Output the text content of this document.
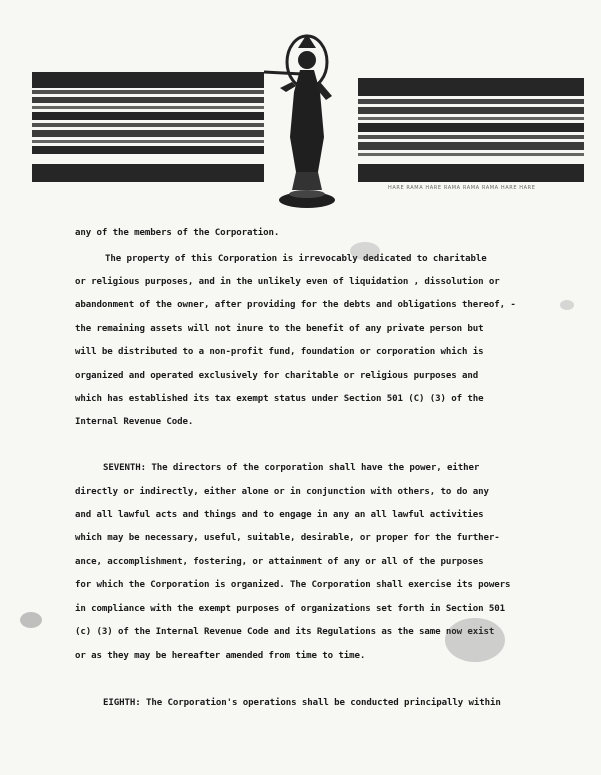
HARE RAMA HARE RAMA RAMA RAMA HARE HARE
any of the members of the Corporation.
The property of this Corporation is irrevocably dedicated to charitable
or religious purposes, and in the unlikely even of liquidation , dissolution or
abandonment of the owner, after providing for the debts and obligations thereof, -
the remaining assets will not inure to the benefit of any private person but
will be distributed to a non-profit fund, foundation or corporation which is
organized and operated exclusively for charitable or religious purposes and
which has established its tax exempt status under Section 501 (C) (3) of the
Internal Revenue Code.
SEVENTH: The directors of the corporation shall have the power, either
directly or indirectly, either alone or in conjunction with others, to do any
and all lawful acts and things and to engage in any an all lawful activities
which may be necessary, useful, suitable, desirable, or proper for the further-
ance, accomplishment, fostering, or attainment of any or all of the purposes
for which the Corporation is organized. The Corporation shall exercise its powers
in compliance with the exempt purposes of organizations set forth in Section 501
(c) (3) of the Internal Revenue Code and its Regulations as the same now exist
or as they may be hereafter amended from time to time.
EIGHTH: The Corporation's operations shall be conducted principally within
